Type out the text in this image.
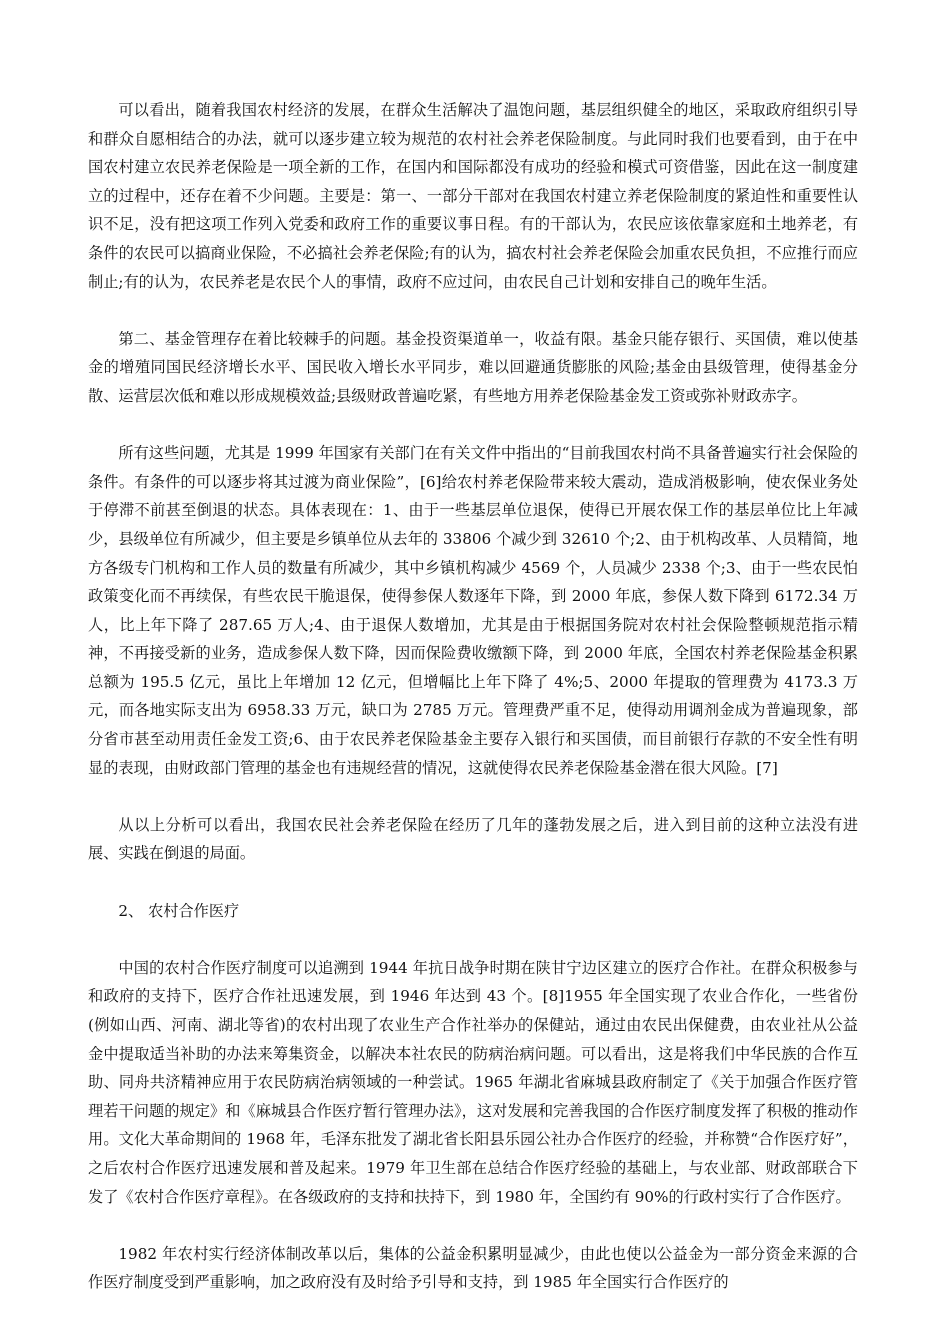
可以看出，随着我国农村经济的发展，在群众生活解决了温饱问题，基层组织健全的地区，采取政府组织引导和群众自愿相结合的办法，就可以逐步建立较为规范的农村社会养老保险制度。与此同时我们也要看到，由于在中国农村建立农民养老保险是一项全新的工作，在国内和国际都没有成功的经验和模式可资借鉴，因此在这一制度建立的过程中，还存在着不少问题。主要是：第一、一部分干部对在我国农村建立养老保险制度的紧迫性和重要性认识不足，没有把这项工作列入党委和政府工作的重要议事日程。有的干部认为，农民应该依靠家庭和土地养老，有条件的农民可以搞商业保险，不必搞社会养老保险;有的认为，搞农村社会养老保险会加重农民负担，不应推行而应制止;有的认为，农民养老是农民个人的事情，政府不应过问，由农民自己计划和安排自己的晚年生活。

第二、基金管理存在着比较棘手的问题。基金投资渠道单一，收益有限。基金只能存银行、买国债，难以使基金的增殖同国民经济增长水平、国民收入增长水平同步，难以回避通货膨胀的风险;基金由县级管理，使得基金分散、运营层次低和难以形成规模效益;县级财政普遍吃紧，有些地方用养老保险基金发工资或弥补财政赤字。

所有这些问题，尤其是 1999 年国家有关部门在有关文件中指出的“目前我国农村尚不具备普遍实行社会保险的条件。有条件的可以逐步将其过渡为商业保险”，[6]给农村养老保险带来较大震动，造成消极影响，使农保业务处于停滞不前甚至倒退的状态。具体表现在：1、由于一些基层单位退保，使得已开展农保工作的基层单位比上年减少，县级单位有所减少，但主要是乡镇单位从去年的 33806 个减少到 32610 个;2、由于机构改革、人员精简，地方各级专门机构和工作人员的数量有所减少，其中乡镇机构减少 4569 个，人员减少 2338 个;3、由于一些农民怕政策变化而不再续保，有些农民干脆退保，使得参保人数逐年下降，到 2000 年底，参保人数下降到 6172.34 万人，比上年下降了 287.65 万人;4、由于退保人数增加，尤其是由于根据国务院对农村社会保险整顿规范指示精神，不再接受新的业务，造成参保人数下降，因而保险费收缴额下降，到 2000 年底，全国农村养老保险基金积累总额为 195.5 亿元，虽比上年增加 12 亿元，但增幅比上年下降了 4%;5、2000 年提取的管理费为 4173.3 万元，而各地实际支出为 6958.33 万元，缺口为 2785 万元。管理费严重不足，使得动用调剂金成为普遍现象，部分省市甚至动用责任金发工资;6、由于农民养老保险基金主要存入银行和买国债，而目前银行存款的不安全性有明显的表现，由财政部门管理的基金也有违规经营的情况，这就使得农民养老保险基金潜在很大风险。[7]

从以上分析可以看出，我国农民社会养老保险在经历了几年的蓬勃发展之后，进入到目前的这种立法没有进展、实践在倒退的局面。

2、 农村合作医疗

中国的农村合作医疗制度可以追溯到 1944 年抗日战争时期在陕甘宁边区建立的医疗合作社。在群众积极参与和政府的支持下，医疗合作社迅速发展，到 1946 年达到 43 个。[8]1955 年全国实现了农业合作化，一些省份(例如山西、河南、湖北等省)的农村出现了农业生产合作社举办的保健站，通过由农民出保健费，由农业社从公益金中提取适当补助的办法来筹集资金，以解决本社农民的防病治病问题。可以看出，这是将我们中华民族的合作互助、同舟共济精神应用于农民防病治病领域的一种尝试。1965 年湖北省麻城县政府制定了《关于加强合作医疗管理若干问题的规定》和《麻城县合作医疗暂行管理办法》，这对发展和完善我国的合作医疗制度发挥了积极的推动作用。文化大革命期间的 1968 年，毛泽东批发了湖北省长阳县乐园公社办合作医疗的经验，并称赞“合作医疗好”，之后农村合作医疗迅速发展和普及起来。1979 年卫生部在总结合作医疗经验的基础上，与农业部、财政部联合下发了《农村合作医疗章程》。在各级政府的支持和扶持下，到 1980 年，全国约有 90%的行政村实行了合作医疗。

1982 年农村实行经济体制改革以后，集体的公益金积累明显减少，由此也使以公益金为一部分资金来源的合作医疗制度受到严重影响，加之政府没有及时给予引导和支持，到 1985 年全国实行合作医疗的
